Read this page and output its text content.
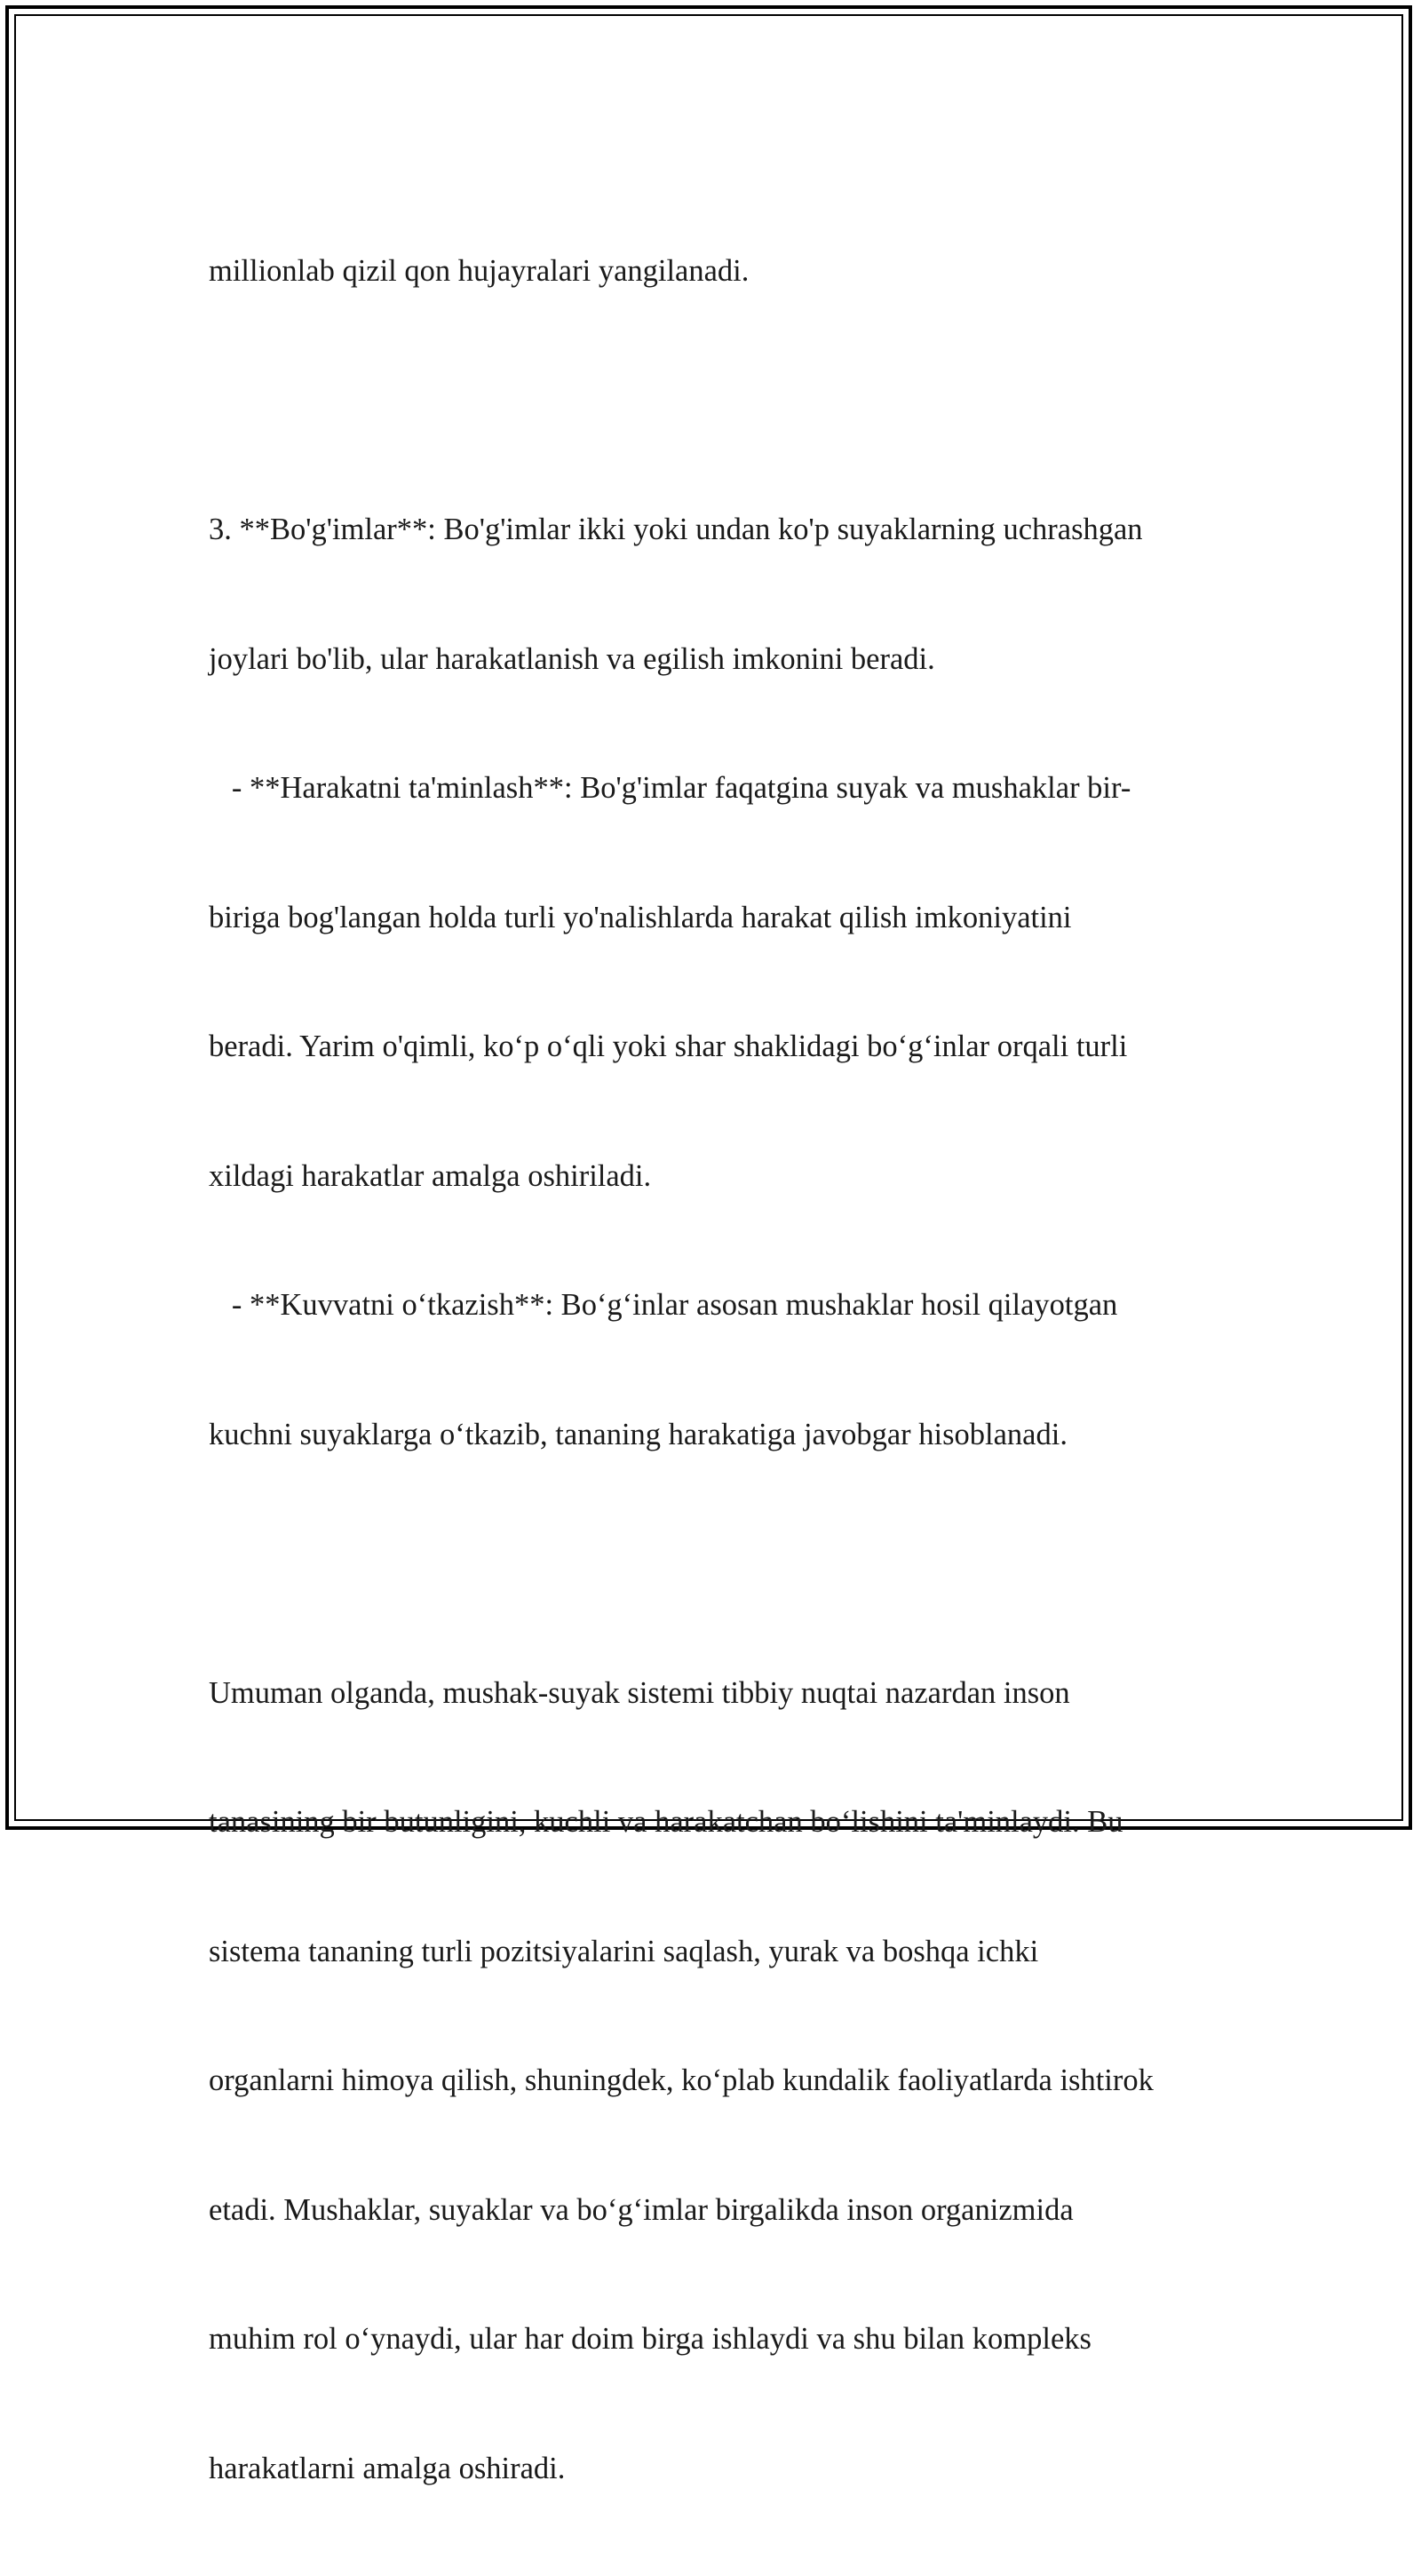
millionlab qizil qon hujayralari yangilanadi.

3. **Bo'g'imlar**: Bo'g'imlar ikki yoki undan ko'p suyaklarning uchrashgan

joylari bo'lib, ular harakatlanish va egilish imkonini beradi.

- **Harakatni ta'minlash**: Bo'g'imlar faqatgina suyak va mushaklar bir-

biriga bog'langan holda turli yo'nalishlarda harakat qilish imkoniyatini

beradi. Yarim o'qimli, ko‘p o‘qli yoki shar shaklidagi bo‘g‘inlar orqali turli

xildagi harakatlar amalga oshiriladi.

- **Kuvvatni o‘tkazish**: Bo‘g‘inlar asosan mushaklar hosil qilayotgan

kuchni suyaklarga o‘tkazib, tananing harakatiga javobgar hisoblanadi.

Umuman olganda, mushak-suyak sistemi tibbiy nuqtai nazardan inson

tanasining bir butunligini, kuchli va harakatchan bo‘lishini ta'minlaydi. Bu

sistema tananing turli pozitsiyalarini saqlash, yurak va boshqa ichki

organlarni himoya qilish, shuningdek, ko‘plab kundalik faoliyatlarda ishtirok

etadi. Mushaklar, suyaklar va bo‘g‘imlar birgalikda inson organizmida

muhim rol o‘ynaydi, ular har doim birga ishlaydi va shu bilan kompleks

harakatlarni amalga oshiradi.
